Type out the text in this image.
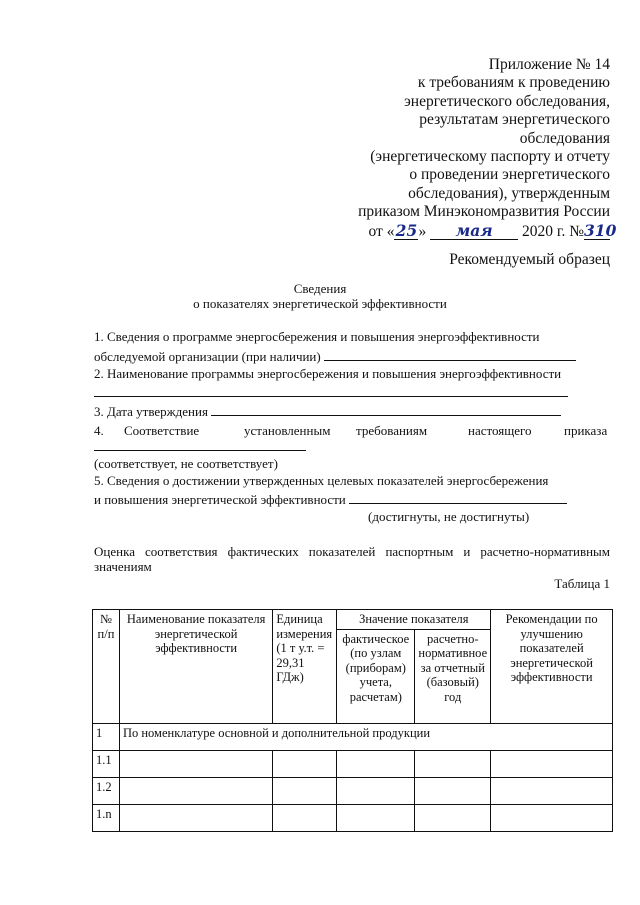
Приложение № 14
к требованиям к проведению
энергетического обследования,
результатам энергетического
обследования
(энергетическому паспорту и отчету
о проведении энергетического
обследования), утвержденным
приказом Минэкономразвития России
от «25» мая 2020 г. №310
Рекомендуемый образец
Сведения
о показателях энергетической эффективности
1. Сведения о программе энергосбережения и повышения энергоэффективности
обследуемой организации (при наличии)
2. Наименование программы энергосбережения и повышения энергоэффективности
3. Дата утверждения
4. Соответствие	установленным требованиям	настоящего приказа
(соответствует, не соответствует)
5. Сведения о достижении утвержденных целевых показателей энергосбережения
и повышения энергетической эффективности
(достигнуты, не достигнуты)
Оценка соответствия фактических показателей паспортным и расчетно-нормативным значениям
Таблица 1
№ п/п	Наименование показателя энергетической эффективности	Единица измерения (1 т у.т. = 29,31 ГДж)	Значение показателя		Рекомендации по улучшению показателей энергетической эффективности
			фактическое (по узлам (приборам) учета, расчетам)	расчетно-нормативное за отчетный (базовый) год	
1	По номенклатуре основной и дополнительной продукции				
1.1					
1.2					
1.n					
